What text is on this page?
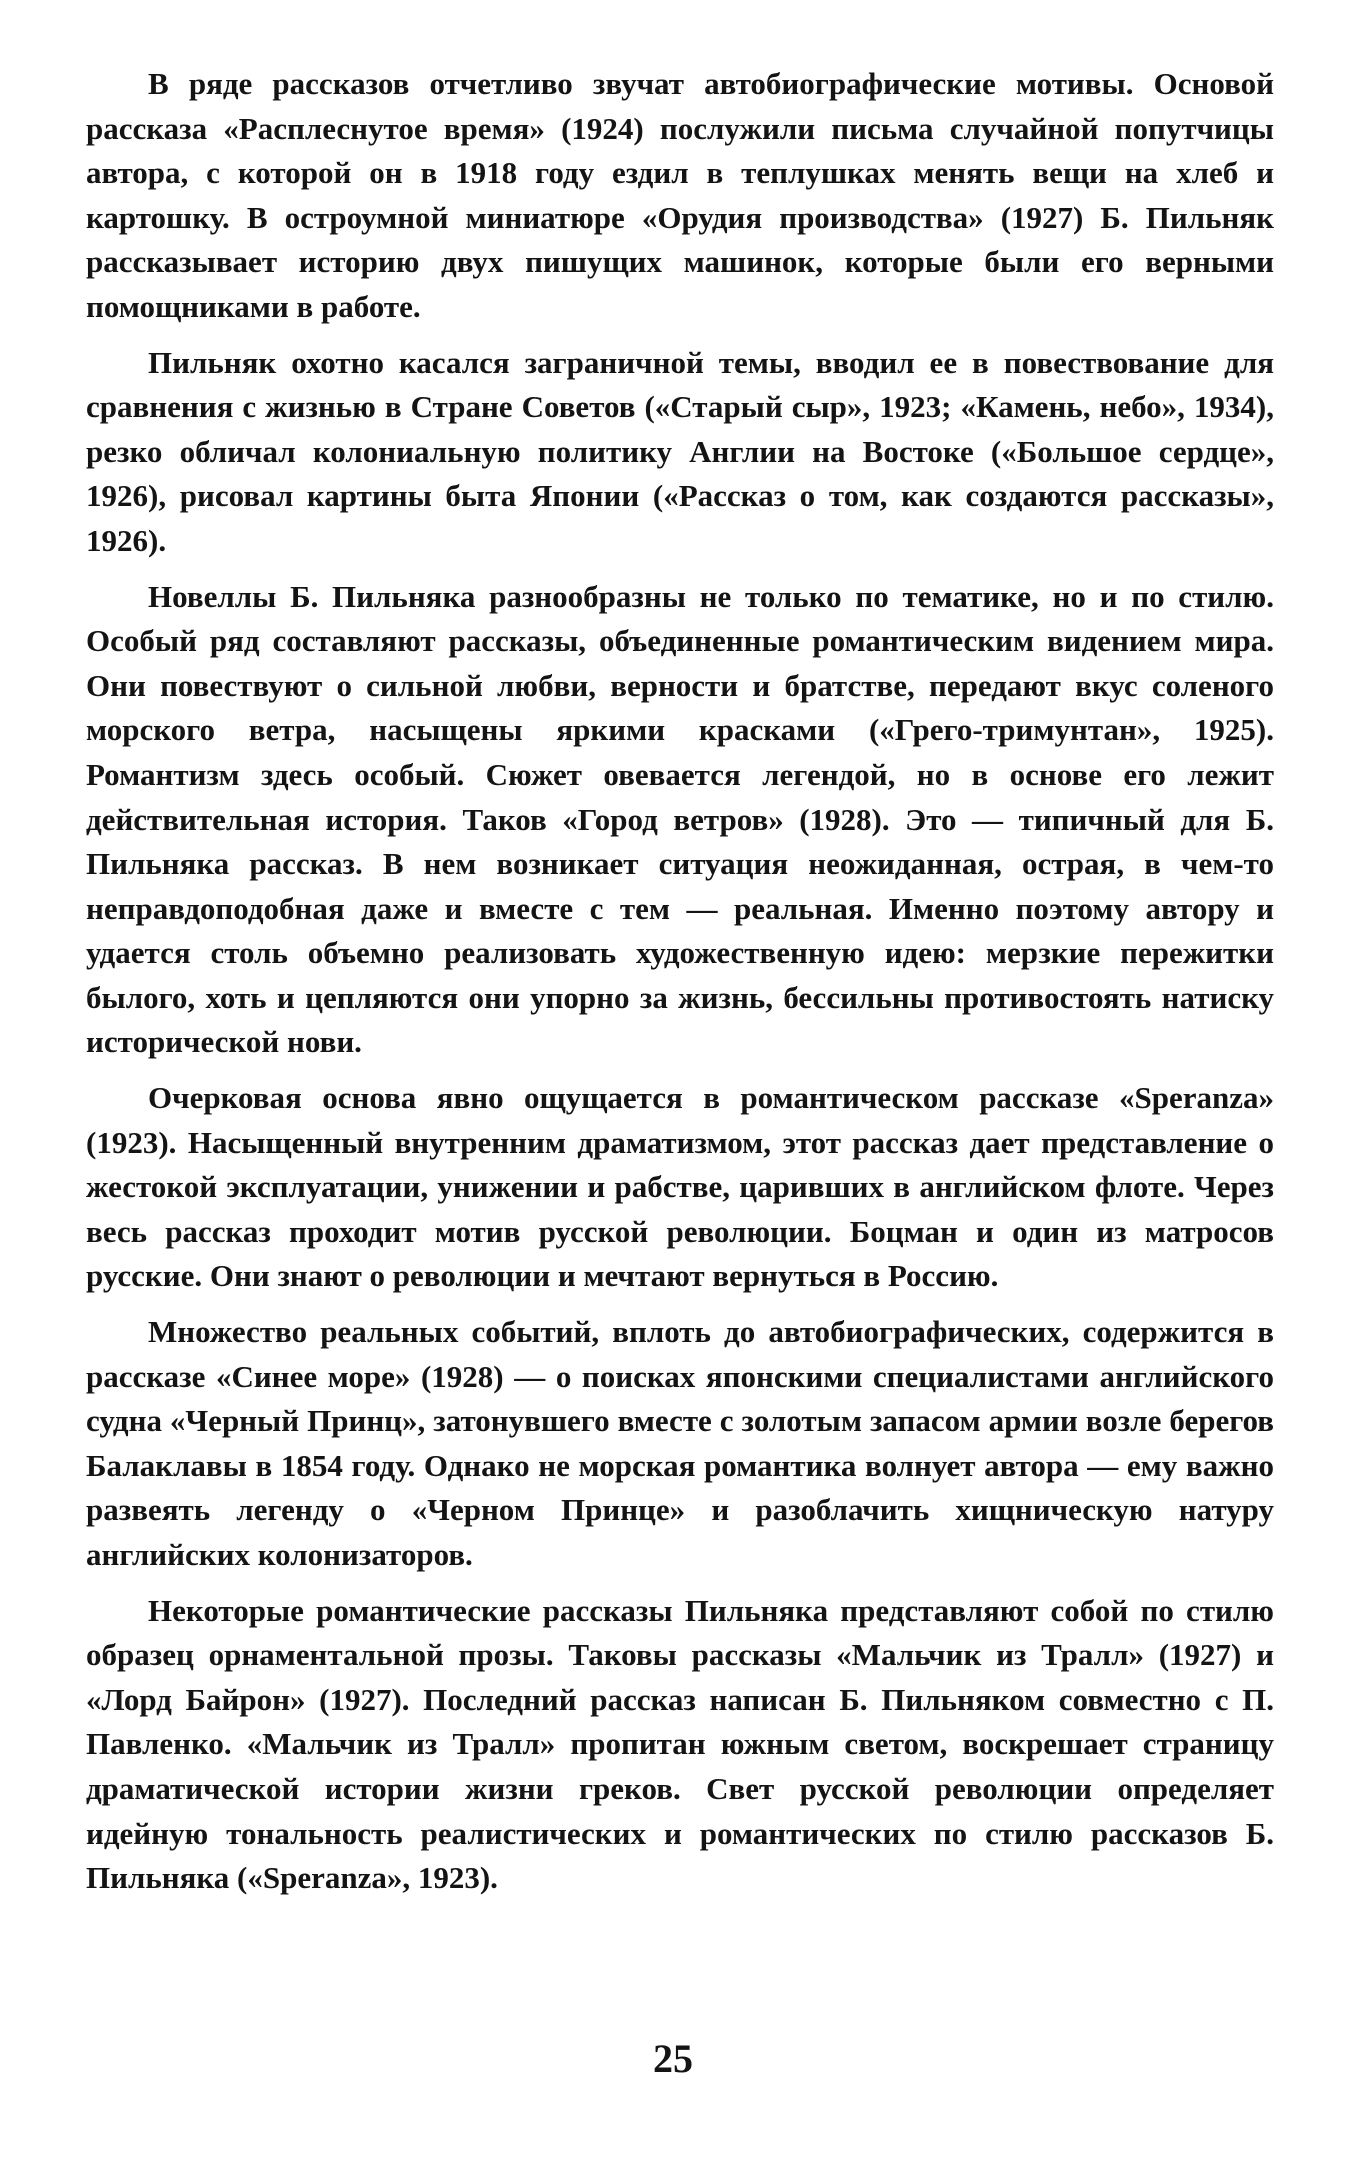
В ряде рассказов отчетливо звучат автобиографические мотивы. Основой рассказа «Расплеснутое время» (1924) послужили письма случайной попутчицы автора, с которой он в 1918 году ездил в теплушках менять вещи на хлеб и картошку. В остроумной миниатюре «Орудия производства» (1927) Б. Пильняк рассказывает историю двух пишущих машинок, которые были его верными помощниками в работе.

Пильняк охотно касался заграничной темы, вводил ее в повествование для сравнения с жизнью в Стране Советов («Старый сыр», 1923; «Камень, небо», 1934), резко обличал колониальную политику Англии на Востоке («Большое сердце», 1926), рисовал картины быта Японии («Рассказ о том, как создаются рассказы», 1926).

Новеллы Б. Пильняка разнообразны не только по тематике, но и по стилю. Особый ряд составляют рассказы, объединенные романтическим видением мира. Они повествуют о сильной любви, верности и братстве, передают вкус соленого морского ветра, насыщены яркими красками («Грего-тримунтан», 1925). Романтизм здесь особый. Сюжет овевается легендой, но в основе его лежит действительная история. Таков «Город ветров» (1928). Это — типичный для Б. Пильняка рассказ. В нем возникает ситуация неожиданная, острая, в чем-то неправдоподобная даже и вместе с тем — реальная. Именно поэтому автору и удается столь объемно реализовать художественную идею: мерзкие пережитки былого, хоть и цепляются они упорно за жизнь, бессильны противостоять натиску исторической нови.

Очерковая основа явно ощущается в романтическом рассказе «Speranza» (1923). Насыщенный внутренним драматизмом, этот рассказ дает представление о жестокой эксплуатации, унижении и рабстве, царивших в английском флоте. Через весь рассказ проходит мотив русской революции. Боцман и один из матросов русские. Они знают о революции и мечтают вернуться в Россию.

Множество реальных событий, вплоть до автобиографических, содержится в рассказе «Синее море» (1928) — о поисках японскими специалистами английского судна «Черный Принц», затонувшего вместе с золотым запасом армии возле берегов Балаклавы в 1854 году. Однако не морская романтика волнует автора — ему важно развеять легенду о «Черном Принце» и разоблачить хищническую натуру английских колонизаторов.

Некоторые романтические рассказы Пильняка представляют собой по стилю образец орнаментальной прозы. Таковы рассказы «Мальчик из Тралл» (1927) и «Лорд Байрон» (1927). Последний рассказ написан Б. Пильняком совместно с П. Павленко. «Мальчик из Тралл» пропитан южным светом, воскрешает страницу драматической истории жизни греков. Свет русской революции определяет идейную тональность реалистических и романтических по стилю рассказов Б. Пильняка («Speranza», 1923).

25
